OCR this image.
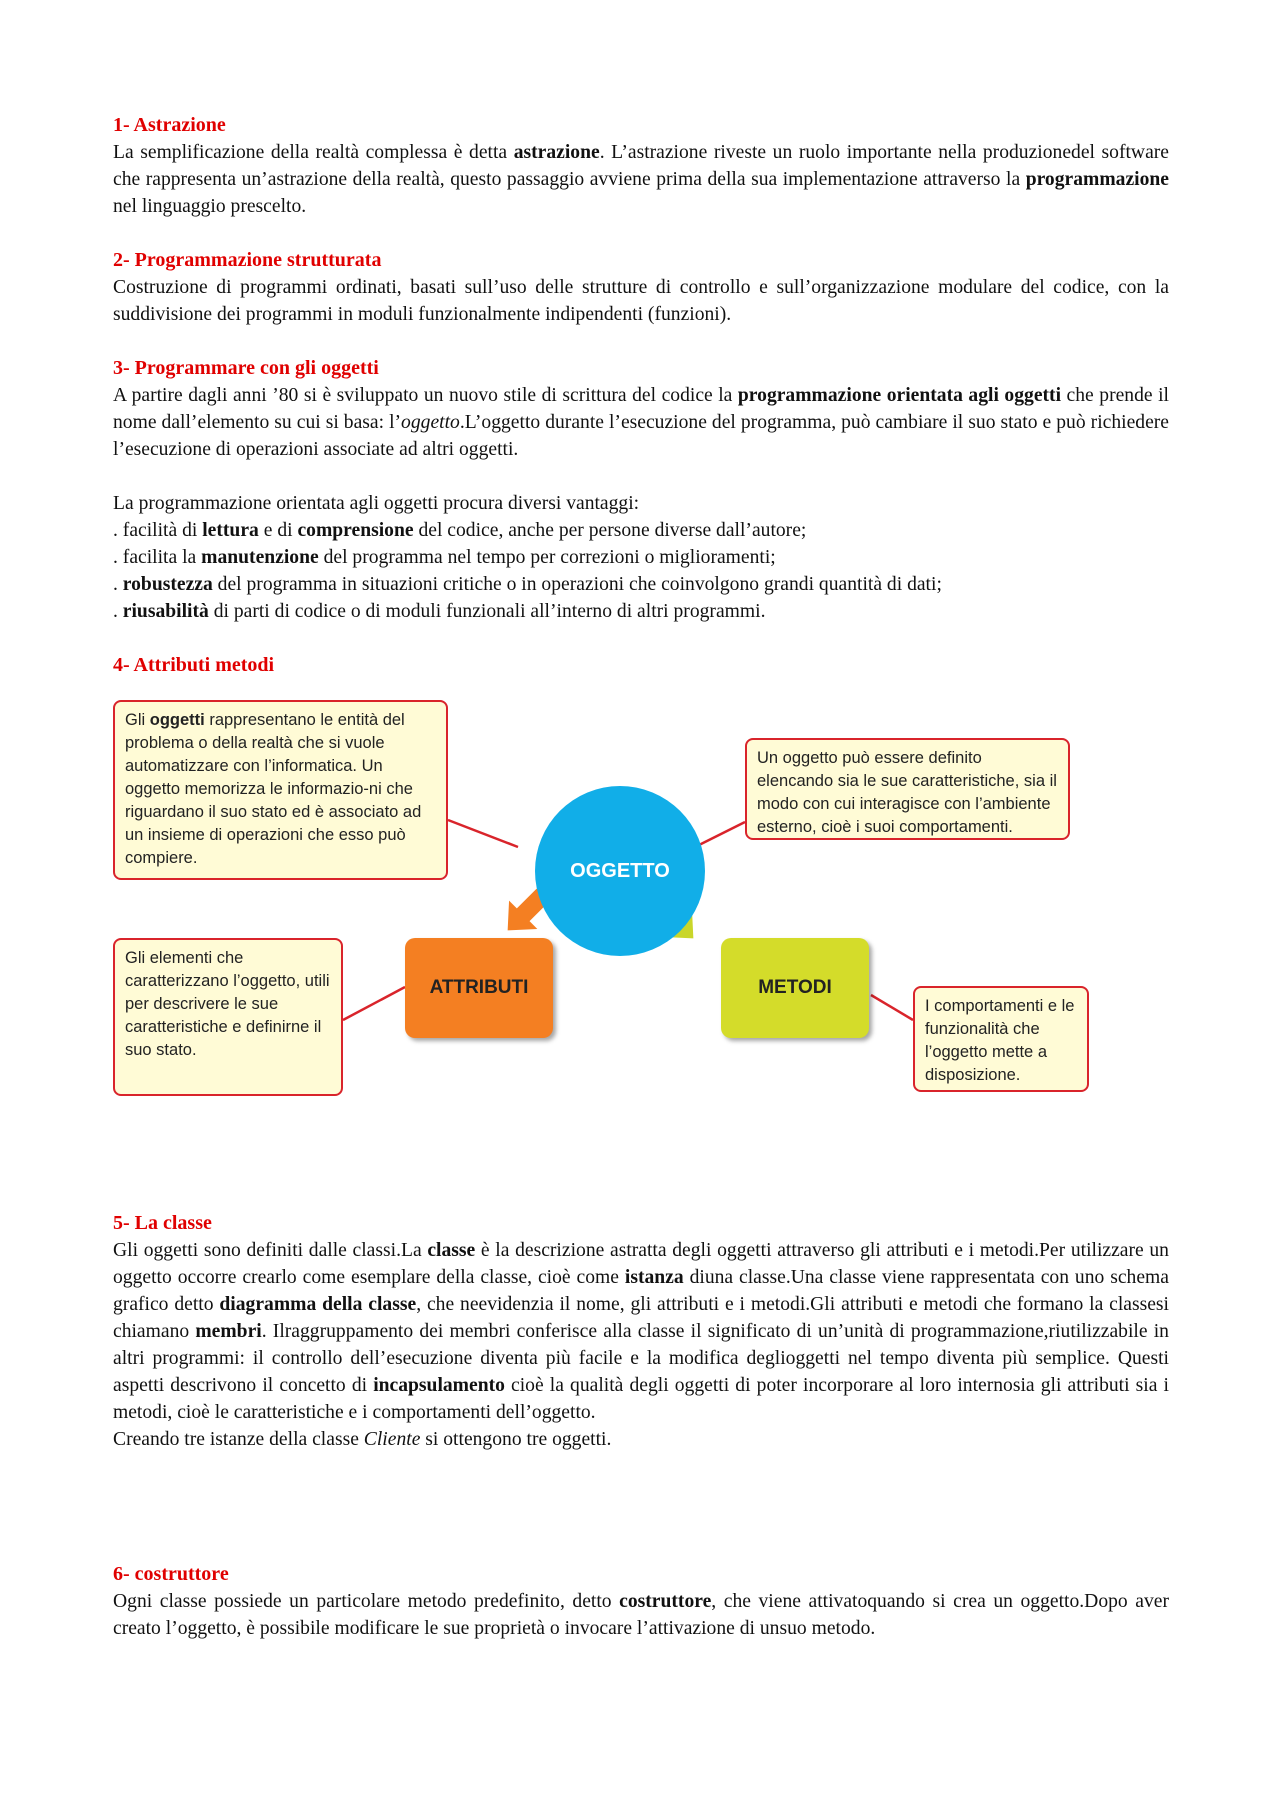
1- Astrazione

La semplificazione della realtà complessa è detta astrazione. L’astrazione riveste un ruolo importante nella produzionedel software che rappresenta un’astrazione della realtà, questo passaggio avviene prima della sua implementazione attraverso la programmazione nel linguaggio prescelto.

2- Programmazione strutturata

Costruzione di programmi ordinati, basati sull’uso delle strutture di controllo e sull’organizzazione modulare del codice, con la suddivisione dei programmi in moduli funzionalmente indipendenti (funzioni).

3- Programmare con gli oggetti

A partire dagli anni ’80 si è sviluppato un nuovo stile di scrittura del codice la programmazione orientata agli oggetti che prende il nome dall’elemento su cui si basa: l’oggetto.L’oggetto durante l’esecuzione del programma, può cambiare il suo stato e può richiedere l’esecuzione di operazioni associate ad altri oggetti.

La programmazione orientata agli oggetti procura diversi vantaggi:

. facilità di lettura e di comprensione del codice, anche per persone diverse dall’autore;

. facilita la manutenzione del programma nel tempo per correzioni o miglioramenti;

. robustezza del programma in situazioni critiche o in operazioni che coinvolgono grandi quantità di dati;

. riusabilità di parti di codice o di moduli funzionali all’interno di altri programmi.

4- Attributi metodi

Gli oggetti rappresentano le entità del problema o della realtà che si vuole automatizzare con l’informatica. Un oggetto memorizza le informazio-ni che riguardano il suo stato ed è associato ad un insieme di operazioni che esso può compiere.
Un oggetto può essere definito elencando sia le sue caratteristiche, sia il modo con cui interagisce con l’ambiente esterno, cioè i suoi comportamenti.
OGGETTO
ATTRIBUTI	METODI
Gli elementi che caratterizzano l’oggetto, utili per descrivere le sue caratteristiche e definirne il suo stato.
I comportamenti e le funzionalità che l’oggetto mette a disposizione.

5- La classe

Gli oggetti sono definiti dalle classi.La classe è la descrizione astratta degli oggetti attraverso gli attributi e i metodi.Per utilizzare un oggetto occorre crearlo come esemplare della classe, cioè come istanza diuna classe.Una classe viene rappresentata con uno schema grafico detto diagramma della classe, che neevidenzia il nome, gli attributi e i metodi.Gli attributi e metodi che formano la classesi chiamano membri. Ilraggruppamento dei membri conferisce alla classe il significato di un’unità di programmazione,riutilizzabile in altri programmi: il controllo dell’esecuzione diventa più facile e la modifica deglioggetti nel tempo diventa più semplice. Questi aspetti descrivono il concetto di incapsulamento cioè la qualità degli oggetti di poter incorporare al loro internosia gli attributi sia i metodi, cioè le caratteristiche e i comportamenti dell’oggetto.

Creando tre istanze della classe Cliente si ottengono tre oggetti.

6- costruttore

Ogni classe possiede un particolare metodo predefinito, detto costruttore, che viene attivatoquando si crea un oggetto.Dopo aver creato l’oggetto, è possibile modificare le sue proprietà o invocare l’attivazione di unsuo metodo.
